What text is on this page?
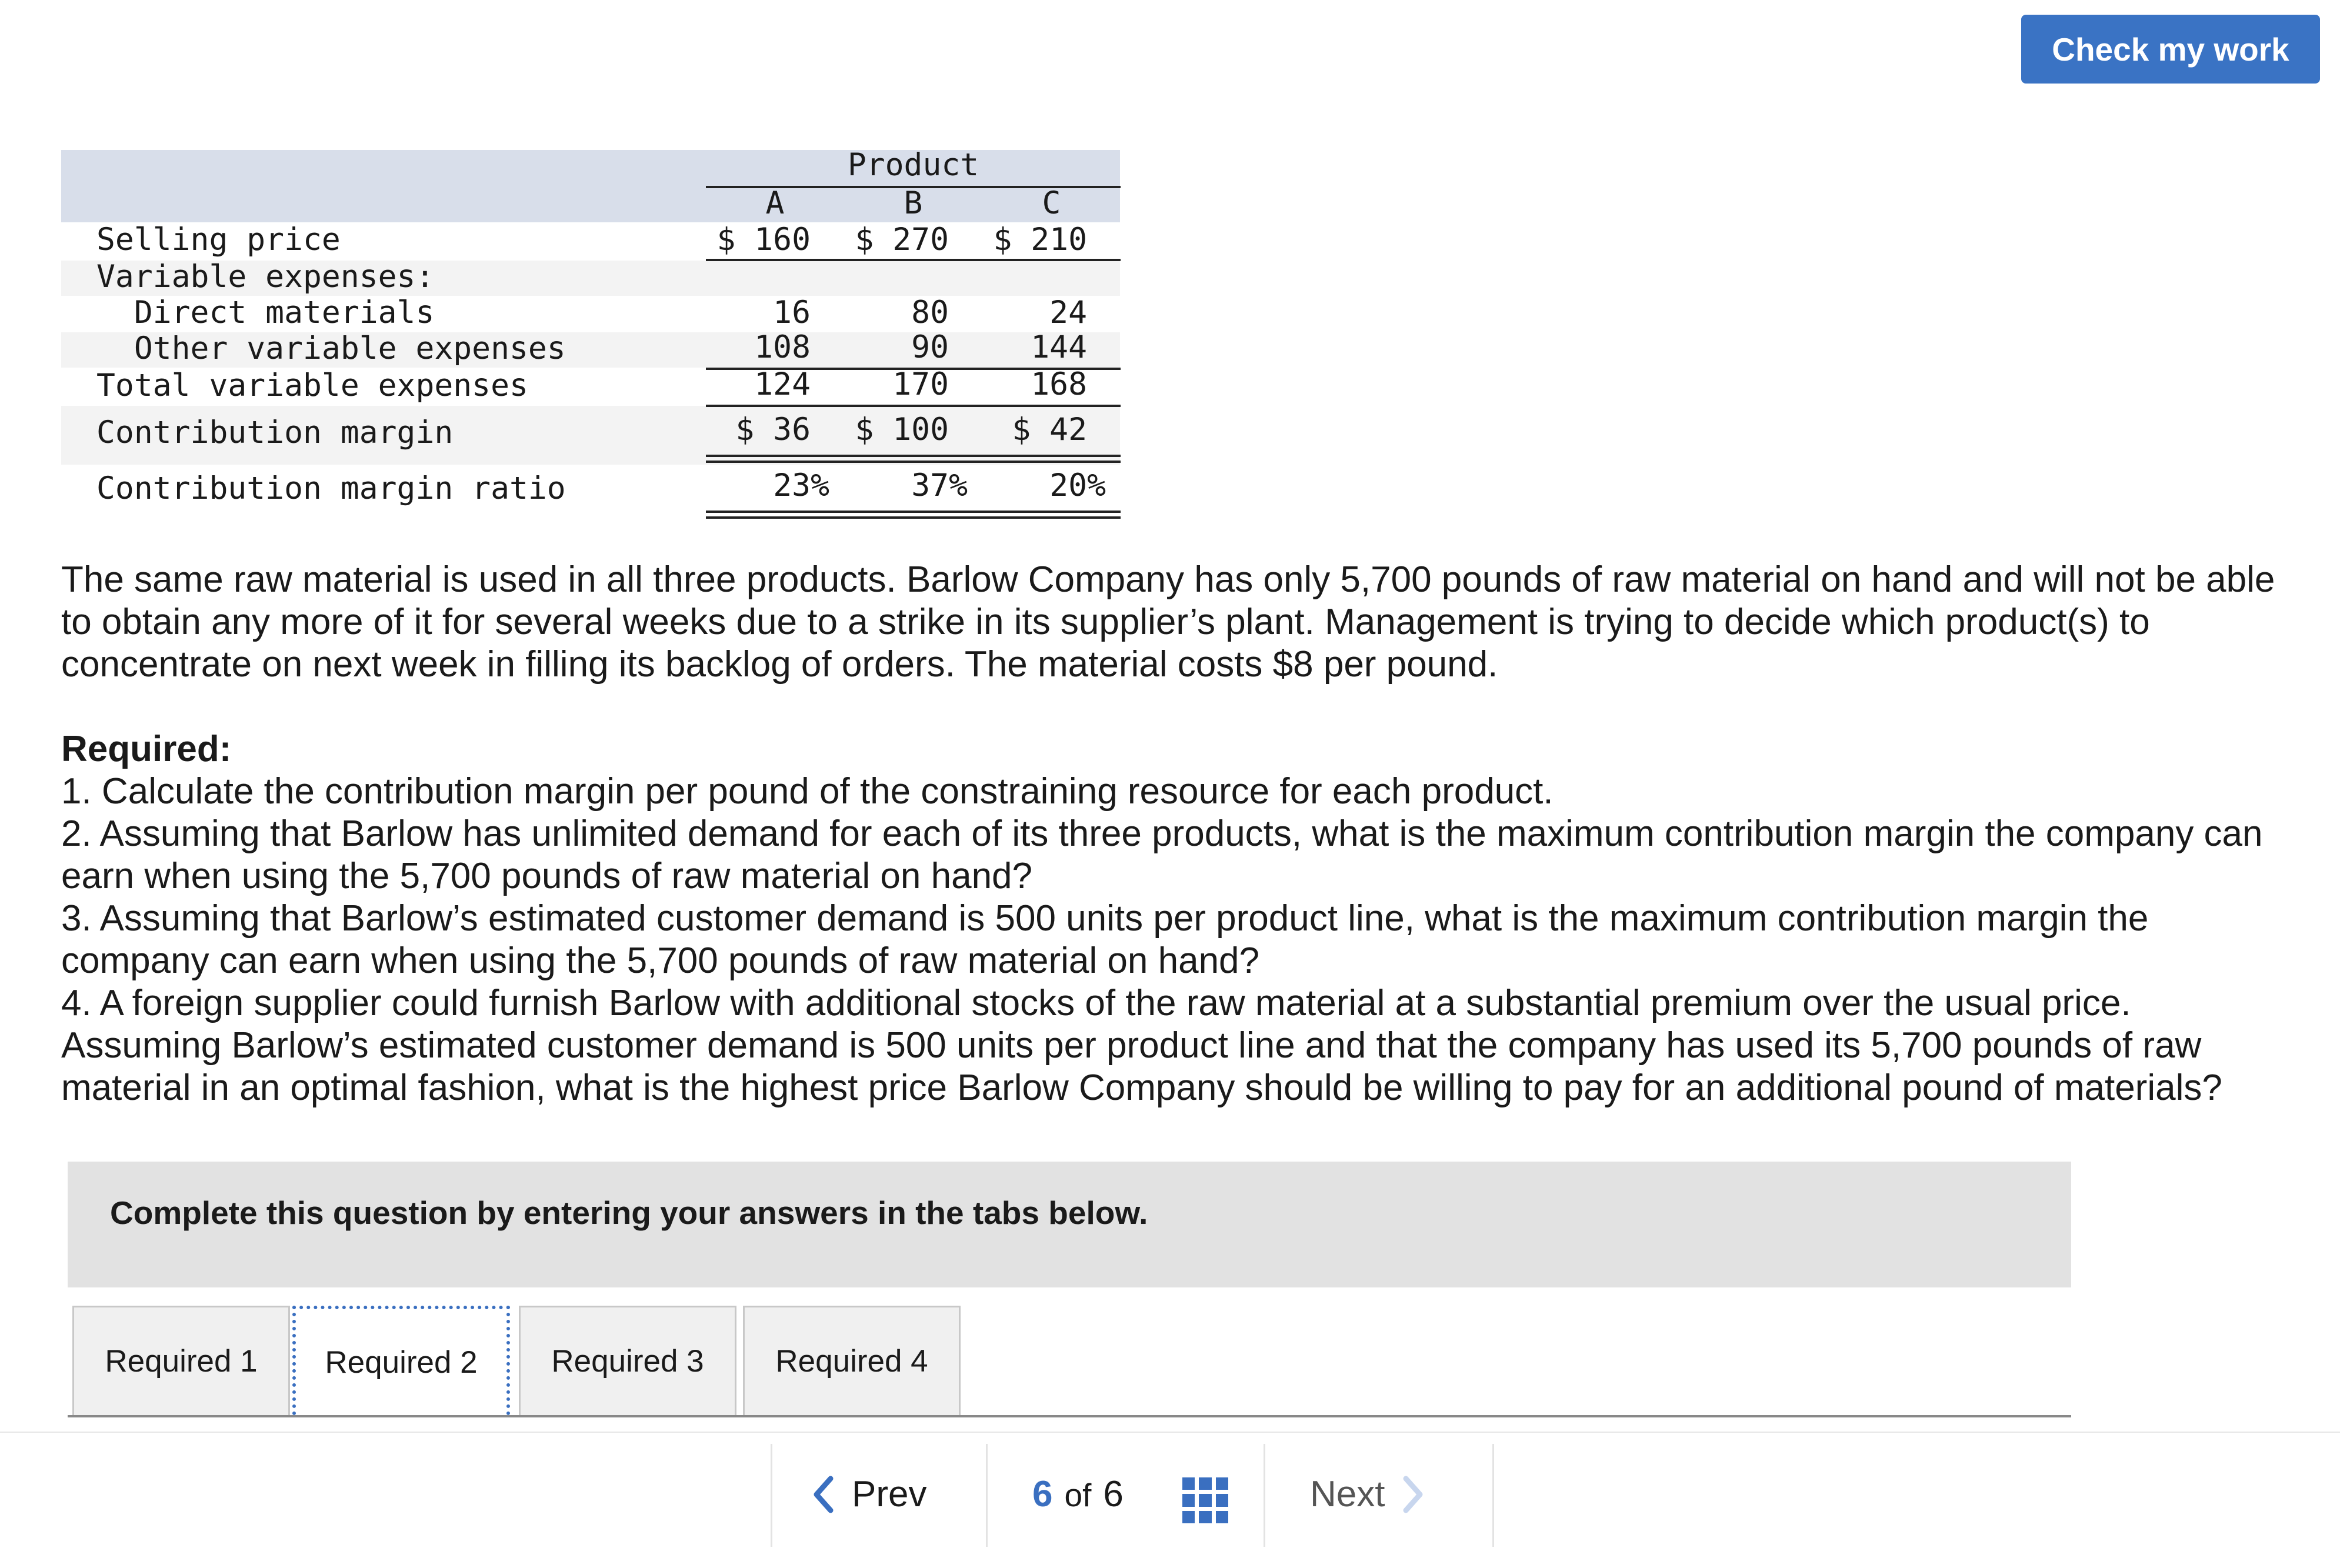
Check my work
Product
A	B	C
Selling price	$ 160	$ 270	$ 210
Variable expenses:
Direct materials	16	80	24
Other variable expenses	108	90	144
Total variable expenses	124	170	168
Contribution margin	$ 36	$ 100	$ 42
Contribution margin ratio	23%	37%	20%

The same raw material is used in all three products. Barlow Company has only 5,700 pounds of raw material on hand and will not be able to obtain any more of it for several weeks due to a strike in its supplier’s plant. Management is trying to decide which product(s) to concentrate on next week in filling its backlog of orders. The material costs $8 per pound.

Required:

1. Calculate the contribution margin per pound of the constraining resource for each product.

2. Assuming that Barlow has unlimited demand for each of its three products, what is the maximum contribution margin the company can earn when using the 5,700 pounds of raw material on hand?

3. Assuming that Barlow’s estimated customer demand is 500 units per product line, what is the maximum contribution margin the company can earn when using the 5,700 pounds of raw material on hand?

4. A foreign supplier could furnish Barlow with additional stocks of the raw material at a substantial premium over the usual price. Assuming Barlow’s estimated customer demand is 500 units per product line and that the company has used its 5,700 pounds of raw material in an optimal fashion, what is the highest price Barlow Company should be willing to pay for an additional pound of materials?

Complete this question by entering your answers in the tabs below.
Required 1	Required 2	Required 3	Required 4
Prev	6 of 6	Next
